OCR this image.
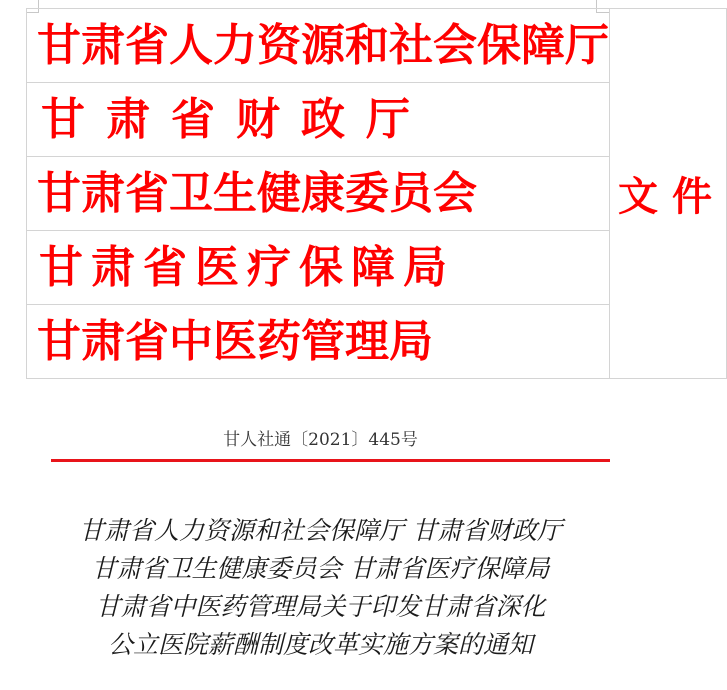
甘肃省人力资源和社会保障厅
	文件

甘肃省财政厅

甘肃省卫生健康委员会

甘肃省医疗保障局

甘肃省中医药管理局
甘人社通〔2021〕445号
甘肃省人力资源和社会保障厅 甘肃省财政厅
甘肃省卫生健康委员会 甘肃省医疗保障局
甘肃省中医药管理局关于印发甘肃省深化
公立医院薪酬制度改革实施方案的通知
